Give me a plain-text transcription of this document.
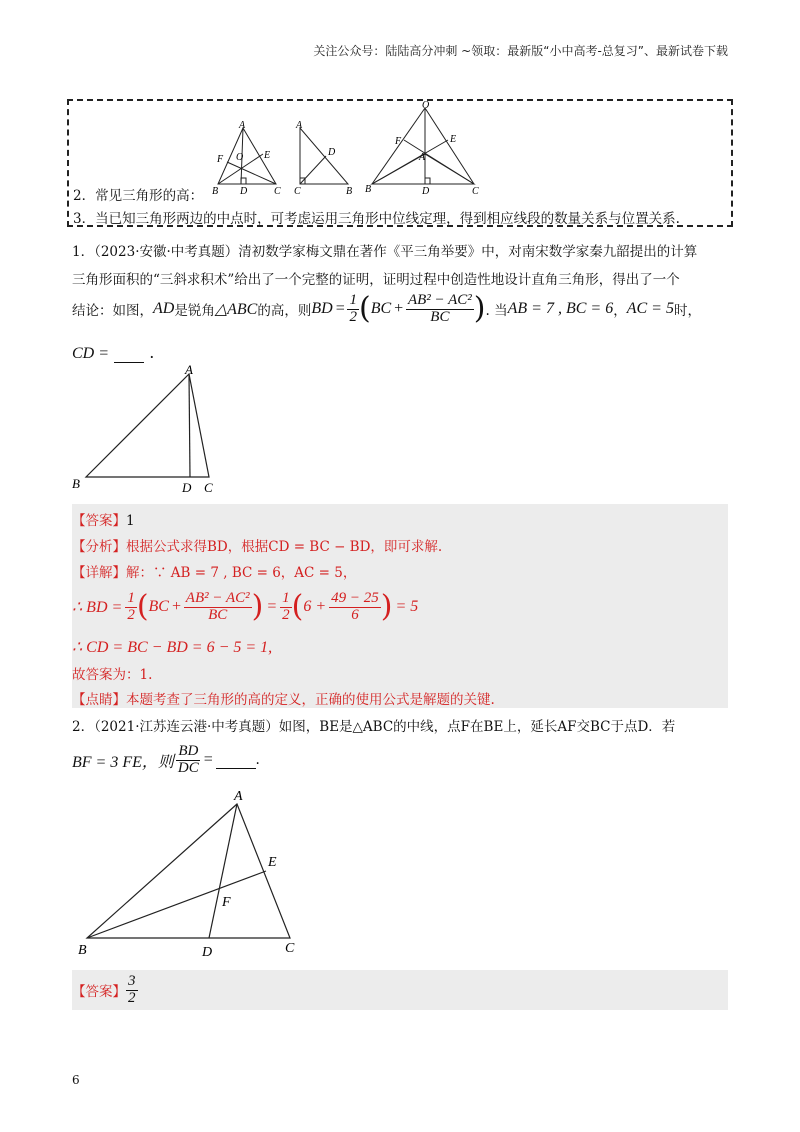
关注公众号：陆陆高分冲刺 ~领取：最新版“小中高考-总复习”、最新试卷下载
A
F O E
B D	C
A
D
C	B
O
F	E
A
B	D	C
2．常见三角形的高：
3．当已知三角形两边的中点时，可考虑运用三角形中位线定理，得到相应线段的数量关系与位置关系.
1．（2023·安徽·中考真题）清初数学家梅文鼎在著作《平三角举要》中，对南宋数学家秦九韶提出的计算
三角形面积的“三斜求积术”给出了一个完整的证明，证明过程中创造性地设计直角三角形，得出了一个
结论：如图， AD 是锐角 △ABC 的高，则 BD = $\frac{1}{2}$ ( BC + $\frac{\text{AB² − AC²}}{BC}$ ) . 当 AB = 7 , BC = 6 ， AC = 5 时，
CD =	.
A
B	D C
【答案】1
【分析】根据公式求得BD，根据CD = BC − BD，即可求解.
【详解】解：∵ AB = 7 , BC = 6，AC = 5，
∴ BD = $\frac{1}{2}$ ( BC + $\frac{\text{AB² − AC²}}{BC}$ ) = $\frac{1}{2}$ ( $6 + \frac{49 - 25}{6}$ ) = 5
∴ CD = BC − BD = 6 − 5 = 1,
故答案为：1.
【点睛】本题考查了三角形的高的定义，正确的使用公式是解题的关键.
2．（2021·江苏连云港·中考真题）如图，BE是△ABC的中线，点F在BE上，延长AF交BC于点D．若
BF = 3 FE，则 $\frac{BD}{DC}$ =
	.
A
E
F
B	D	C
【答案】 $\frac{3}{2}$
6
